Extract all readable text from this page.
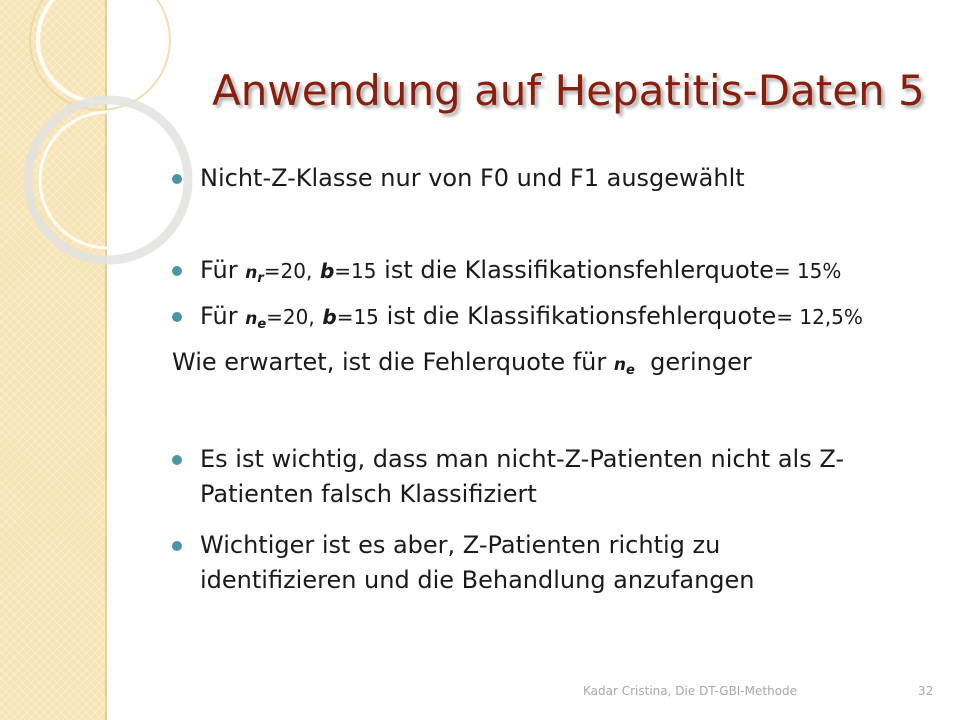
Anwendung auf Hepatitis-Daten 5
Nicht-Z-Klasse nur von F0 und F1 ausgewählt
Für $n_r=20$, b=15 ist die Klassifikationsfehlerquote= 15%
Für $n_e=20$, b=15 ist die Klassifikationsfehlerquote= 12,5%
Wie erwartet, ist die Fehlerquote für $n_e$ geringer
Es ist wichtig, dass man nicht-Z-Patienten nicht als Z-
Patienten falsch Klassifiziert
Wichtiger ist es aber, Z-Patienten richtig zu
identifizieren und die Behandlung anzufangen
Kadar Cristina, Die DT-GBI-Methode	32
